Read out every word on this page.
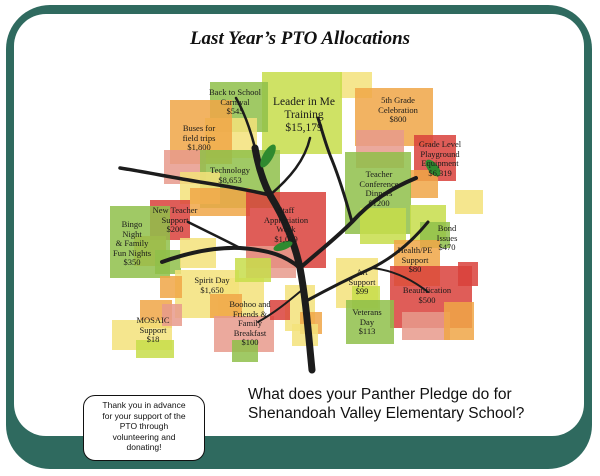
Last Year’s PTO Allocations
Back to School
Carnival
$545
Leader in Me
Training
$15,179
5th Grade
Celebration
$800
Buses for
field trips
$1,800	Grade Level
Playground
Equipment
$6,319
Technology
$8,653
Teacher
Conference
Dinners
$1200
New Teacher
Support
$200
Staff
Appreciation
Week
$1,039
Bond
Issues
$470
Bingo
Night
& Family
Fun Nights
$350
Health/PE
Support
$80
Spirit Day
$1,650
Art
Support
$99	Beautification
$500
MOSAIC
Support
$18
Boohoo and
Friends &
Family
Breakfast
$100
Veterans
Day
$113
What does your Panther Pledge do for Shenandoah Valley Elementary School?
Thank you in advance
for your support of the
PTO through
volunteering and
donating!
